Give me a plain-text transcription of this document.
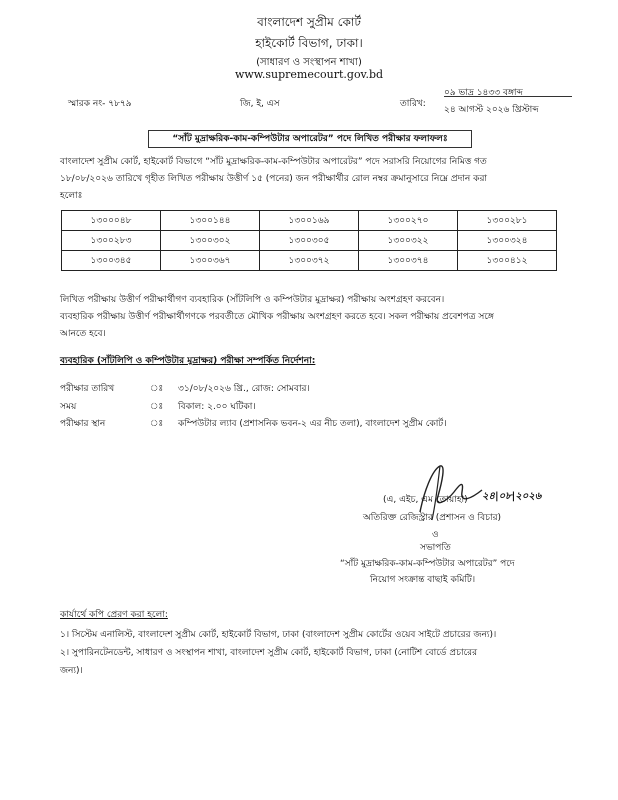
বাংলাদেশ সুপ্রীম কোর্ট
হাইকোর্ট বিভাগ, ঢাকা।
(সাধারণ ও সংস্থাপন শাখা)
www.supremecourt.gov.bd
স্মারক নং- ৭৮৭৯	জি, ই, এস	তারিখ:
০৯ ভাদ্র ১৪৩৩ বঙ্গাব্দ
২৪ আগস্ট ২০২৬ খ্রিস্টাব্দ
“সাঁট মুদ্রাক্ষরিক-কাম-কম্পিউটার অপারেটর” পদে লিখিত পরীক্ষার ফলাফলঃ
বাংলাদেশ সুপ্রীম কোর্ট, হাইকোর্ট বিভাগে “সাঁট মুদ্রাক্ষরিক-কাম-কম্পিউটার অপারেটর” পদে সরাসরি নিয়োগের নিমিত্ত গত
১৮/০৮/২০২৬ তারিখে গৃহীত লিখিত পরীক্ষায় উত্তীর্ণ ১৫ (পনের) জন পরীক্ষার্থীর রোল নম্বর ক্রমানুসারে নিম্নে প্রদান করা
হলোঃ
১৩০০০৪৮	১৩০০১৪৪	১৩০০১৬৯	১৩০০২৭০	১৩০০২৮১
১৩০০২৮৩	১৩০০৩০২	১৩০০৩০৫	১৩০০৩২২	১৩০০৩২৪
১৩০০৩৪৫	১৩০০৩৬৭	১৩০০৩৭২	১৩০০৩৭৪	১৩০০৪১২
লিখিত পরীক্ষায় উত্তীর্ণ পরীক্ষার্থীগণ ব্যবহারিক (সাঁটলিপি ও কম্পিউটার মুদ্রাক্ষর) পরীক্ষায় অংশগ্রহণ করবেন।
ব্যবহারিক পরীক্ষায় উত্তীর্ণ পরীক্ষার্থীগণকে পরবর্তীতে মৌখিক পরীক্ষায় অংশগ্রহণ করতে হবে। সকল পরীক্ষায় প্রবেশপত্র সঙ্গে
আনতে হবে।
ব্যবহারিক (সাঁটলিপি ও কম্পিউটার মুদ্রাক্ষর) পরীক্ষা সম্পর্কিত নির্দেশনা:
পরীক্ষার তারিখ	ঃ ৩১/০৮/২০২৬ খ্রি., রোজ: সোমবার।
সময়	ঃ বিকাল: ২.০০ ঘটিকা।
পরীক্ষার স্থান	ঃ কম্পিউটার ল্যাব (প্রশাসনিক ভবন-২ এর নীচ তলা), বাংলাদেশ সুপ্রীম কোর্ট।
২৪|০৮|২০২৬
(এ, এইচ, এম তোয়াহা)
অতিরিক্ত রেজিস্ট্রার (প্রশাসন ও বিচার)
ও
সভাপতি
“সাঁট মুদ্রাক্ষরিক-কাম-কম্পিউটার অপারেটর” পদে
নিয়োগ সংক্রান্ত বাছাই কমিটি।
কার্যার্থে কপি প্রেরণ করা হলো:
১। সিস্টেম এনালিস্ট, বাংলাদেশ সুপ্রীম কোর্ট, হাইকোর্ট বিভাগ, ঢাকা (বাংলাদেশ সুপ্রীম কোর্টের ওয়েব সাইটে প্রচারের জন্য)।
২। সুপারিনটেনডেন্ট, সাধারণ ও সংস্থাপন শাখা, বাংলাদেশ সুপ্রীম কোর্ট, হাইকোর্ট বিভাগ, ঢাকা (নোটিশ বোর্ডে প্রচারের
জন্য)।
